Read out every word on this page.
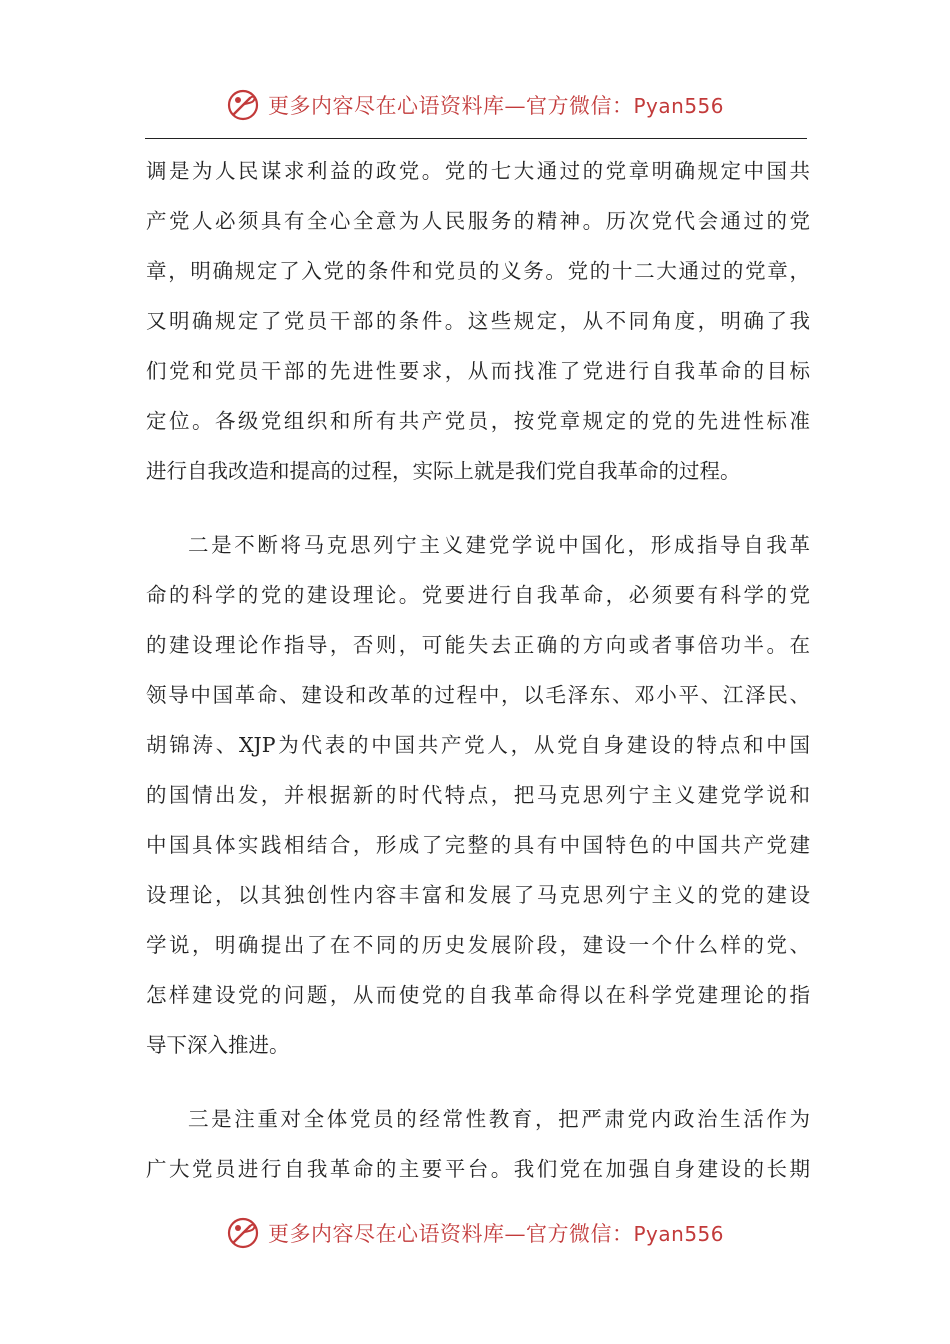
更多内容尽在心语资料库—官方微信：Pyan556
调是为人民谋求利益的政党。党的七大通过的党章明确规定中国共
产党人必须具有全心全意为人民服务的精神。历次党代会通过的党
章，明确规定了入党的条件和党员的义务。党的十二大通过的党章，
又明确规定了党员干部的条件。这些规定，从不同角度，明确了我
们党和党员干部的先进性要求，从而找准了党进行自我革命的目标
定位。各级党组织和所有共产党员，按党章规定的党的先进性标准
进行自我改造和提高的过程，实际上就是我们党自我革命的过程。
二是不断将马克思列宁主义建党学说中国化，形成指导自我革
命的科学的党的建设理论。党要进行自我革命，必须要有科学的党
的建设理论作指导，否则，可能失去正确的方向或者事倍功半。在
领导中国革命、建设和改革的过程中，以毛泽东、邓小平、江泽民、
胡锦涛、XJP为代表的中国共产党人，从党自身建设的特点和中国
的国情出发，并根据新的时代特点，把马克思列宁主义建党学说和
中国具体实践相结合，形成了完整的具有中国特色的中国共产党建
设理论，以其独创性内容丰富和发展了马克思列宁主义的党的建设
学说，明确提出了在不同的历史发展阶段，建设一个什么样的党、
怎样建设党的问题，从而使党的自我革命得以在科学党建理论的指
导下深入推进。
三是注重对全体党员的经常性教育，把严肃党内政治生活作为
广大党员进行自我革命的主要平台。我们党在加强自身建设的长期
更多内容尽在心语资料库—官方微信：Pyan556
